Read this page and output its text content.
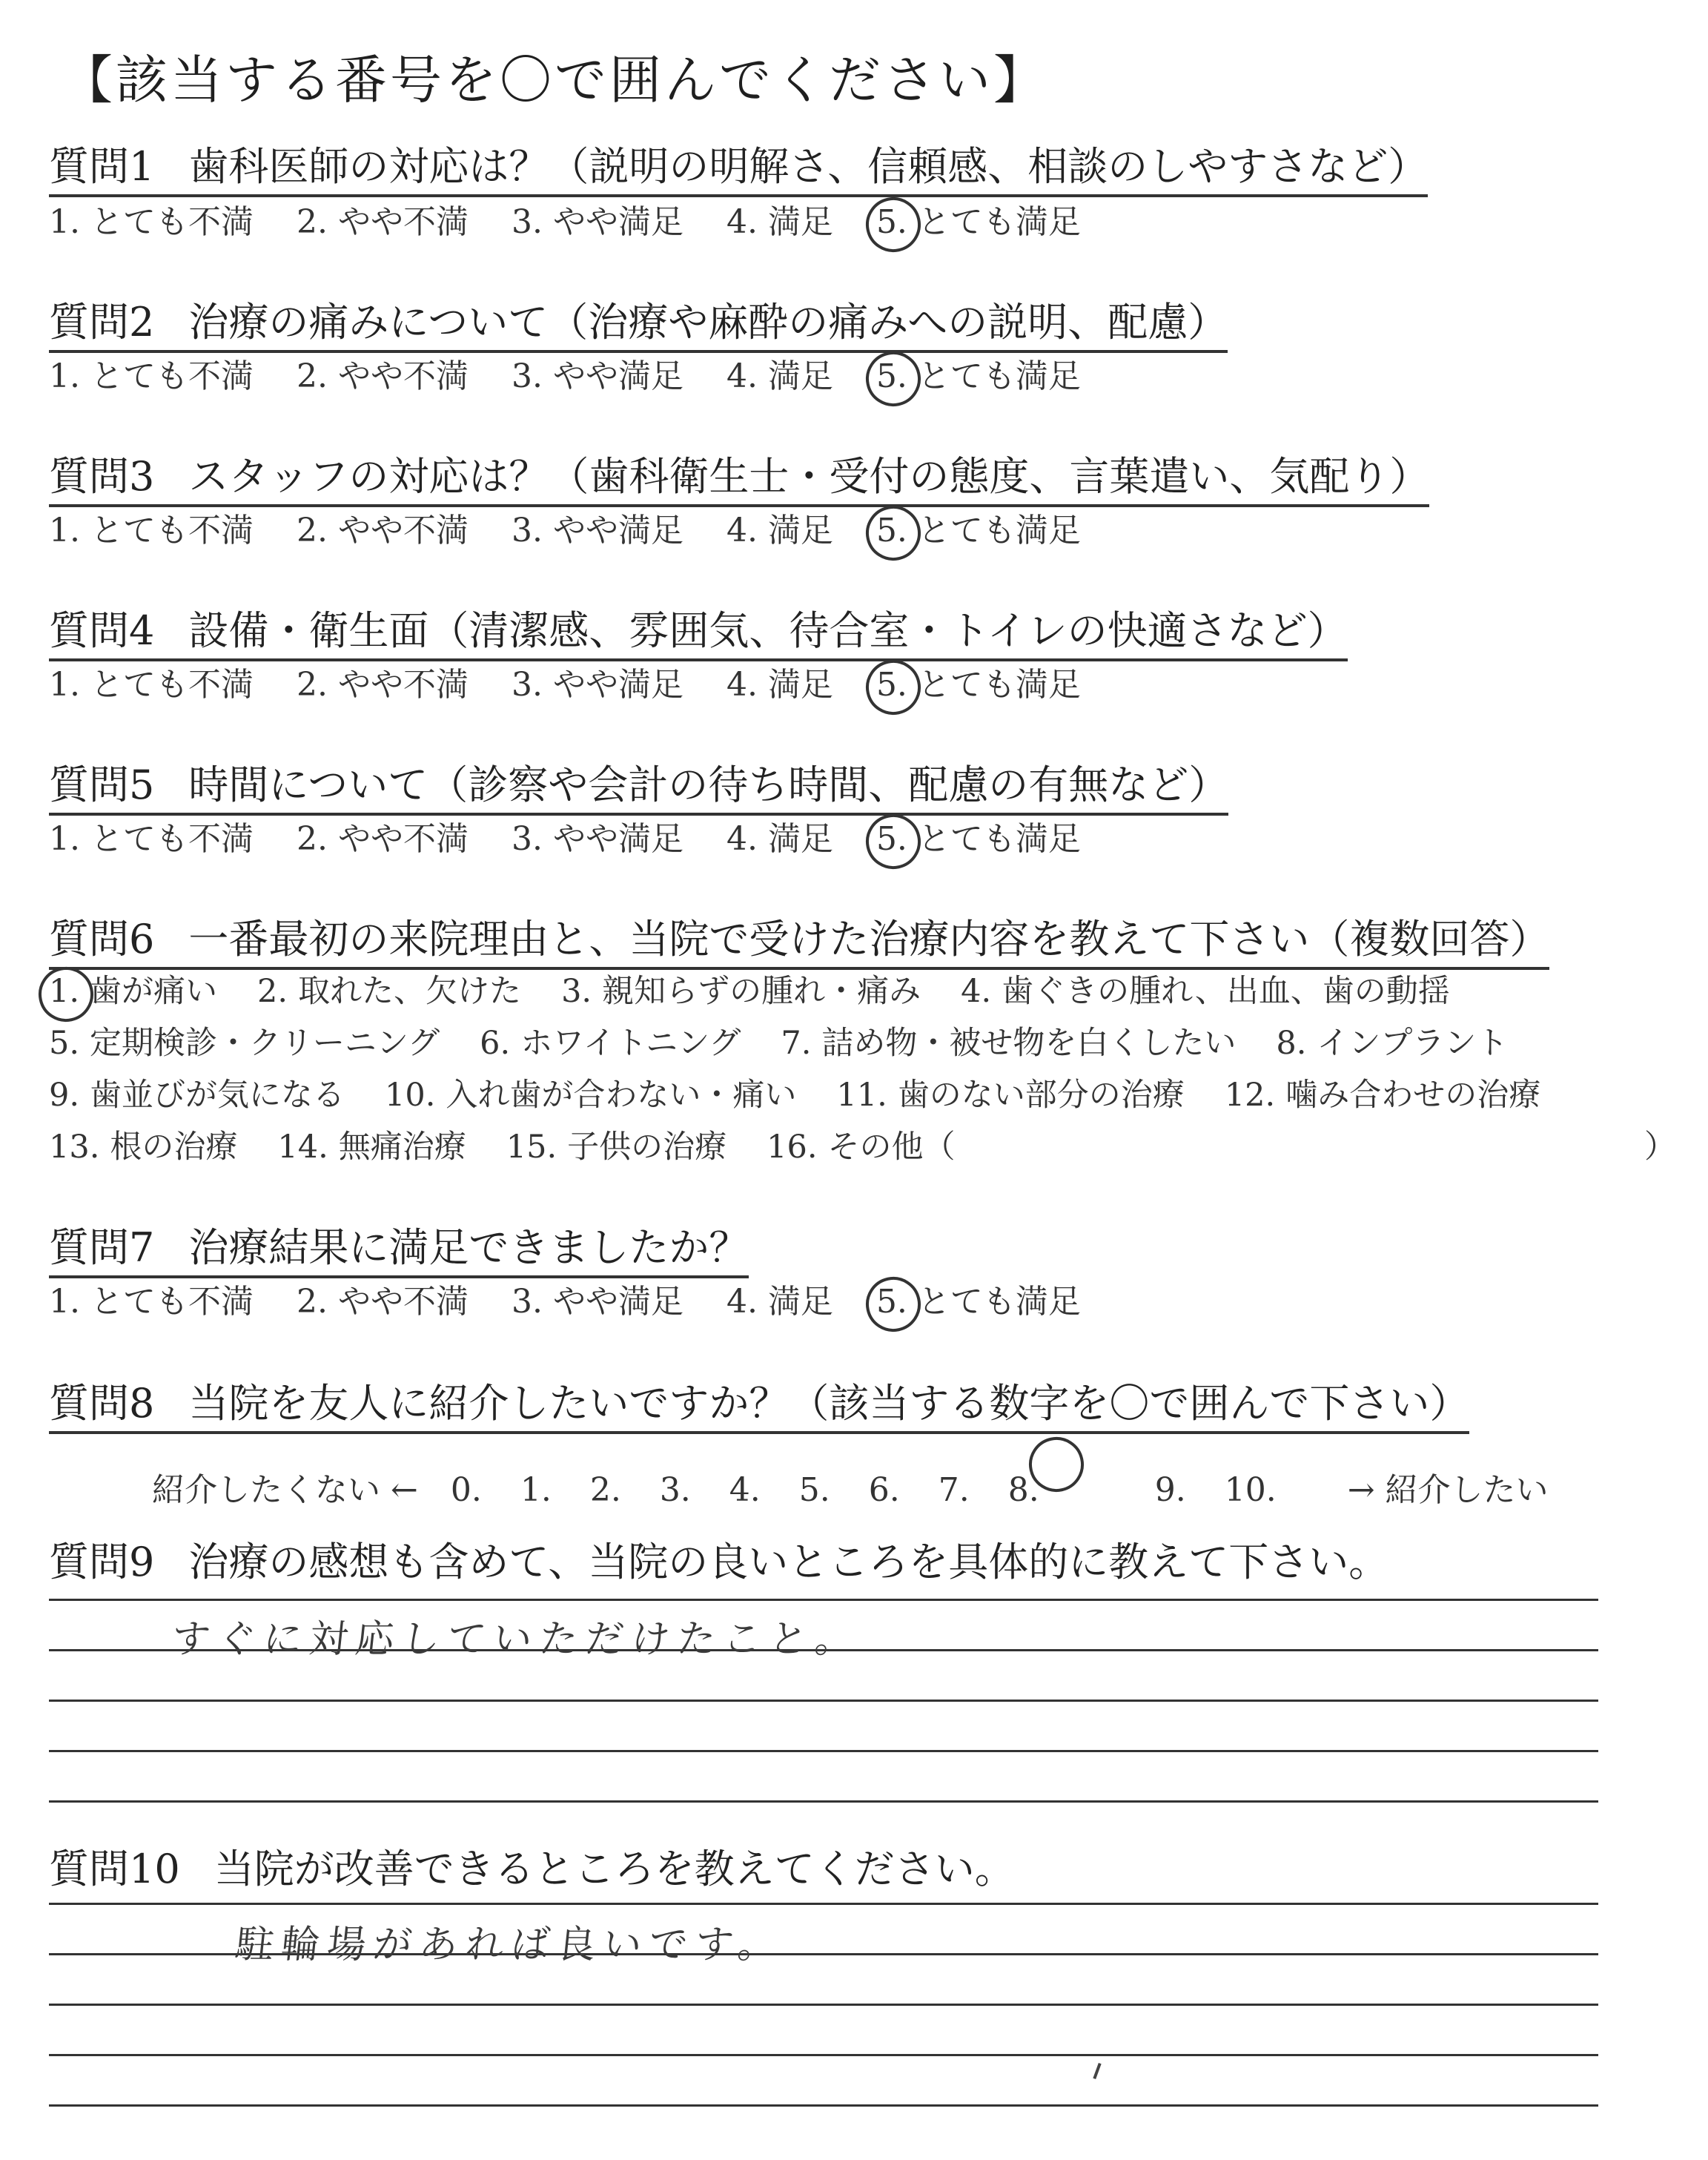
【該当する番号を〇で囲んでください】
質問1 歯科医師の対応は？（説明の明解さ、信頼感、相談のしやすさなど）
1. とても不満 2. やや不満 3. やや満足 4. 満足 5. とても満足
質問2 治療の痛みについて（治療や麻酔の痛みへの説明、配慮）
1. とても不満 2. やや不満 3. やや満足 4. 満足 5. とても満足
質問3 スタッフの対応は？（歯科衛生士・受付の態度、言葉遣い、気配り）
1. とても不満 2. やや不満 3. やや満足 4. 満足 5. とても満足
質問4 設備・衛生面（清潔感、雰囲気、待合室・トイレの快適さなど）
1. とても不満 2. やや不満 3. やや満足 4. 満足 5. とても満足
質問5 時間について（診察や会計の待ち時間、配慮の有無など）
1. とても不満 2. やや不満 3. やや満足 4. 満足 5. とても満足
質問6 一番最初の来院理由と、当院で受けた治療内容を教えて下さい（複数回答）
1. 歯が痛い 2. 取れた、欠けた 3. 親知らずの腫れ・痛み 4. 歯ぐきの腫れ、出血、歯の動揺
5. 定期検診・クリーニング 6. ホワイトニング 7. 詰め物・被せ物を白くしたい 8. インプラント
9. 歯並びが気になる 10. 入れ歯が合わない・痛い 11. 歯のない部分の治療 12. 噛み合わせの治療
13. 根の治療 14. 無痛治療 15. 子供の治療 16. その他（	）
質問7 治療結果に満足できましたか？
1. とても不満 2. やや不満 3. やや満足 4. 満足 5. とても満足
質問8 当院を友人に紹介したいですか？（該当する数字を〇で囲んで下さい）
紹介したくない ← 0. 1. 2. 3. 4. 5. 6. 7. 8.	9. 10. → 紹介したい
質問9 治療の感想も含めて、当院の良いところを具体的に教えて下さい。
すぐに対応していただけたこと。
質問10 当院が改善できるところを教えてください。
駐輪場があれば良いです。
